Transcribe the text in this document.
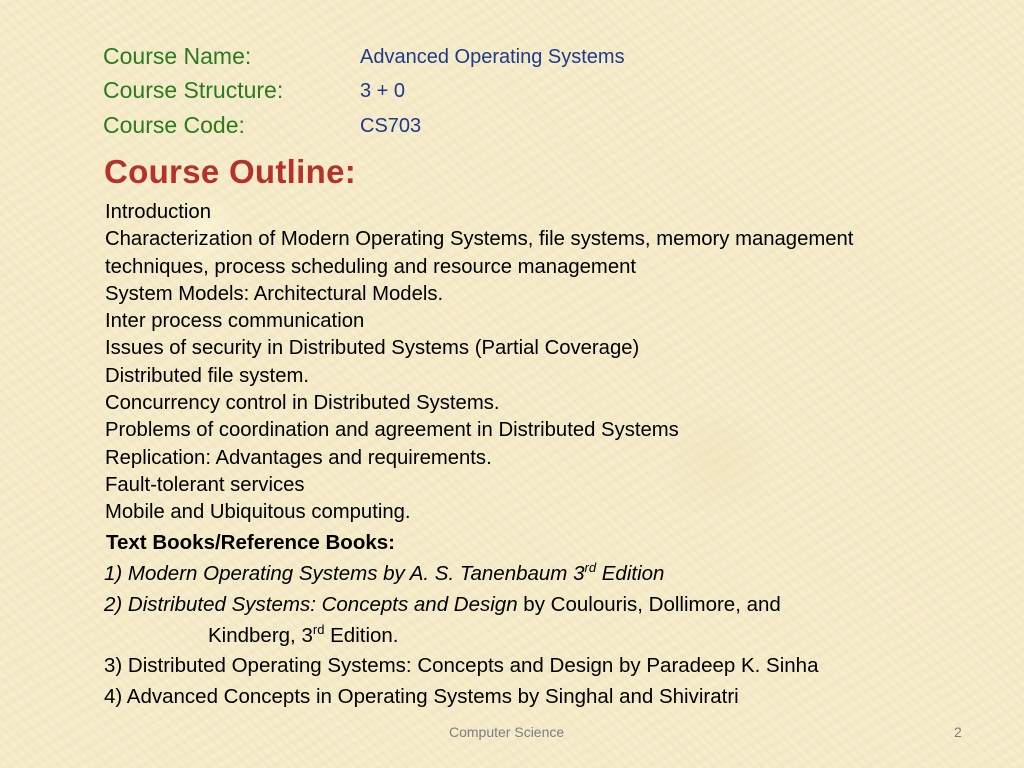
Course Name:	Advanced Operating Systems
Course Structure:	3 + 0
Course Code:	CS703
Course Outline:
Introduction
Characterization of Modern Operating Systems, file systems, memory management
techniques, process scheduling and resource management
System Models: Architectural Models.
Inter process communication
Issues of security in Distributed Systems (Partial Coverage)
Distributed file system.
Concurrency control in Distributed Systems.
Problems of coordination and agreement in Distributed Systems
Replication: Advantages and requirements.
Fault-tolerant services
Mobile and Ubiquitous computing.
Text Books/Reference Books:
1) Modern Operating Systems by A. S. Tanenbaum 3rd Edition
2) Distributed Systems: Concepts and Design by Coulouris, Dollimore, and
Kindberg, 3rd Edition.
3) Distributed Operating Systems: Concepts and Design by Paradeep K. Sinha
4) Advanced Concepts in Operating Systems by Singhal and Shiviratri
Computer Science	2
